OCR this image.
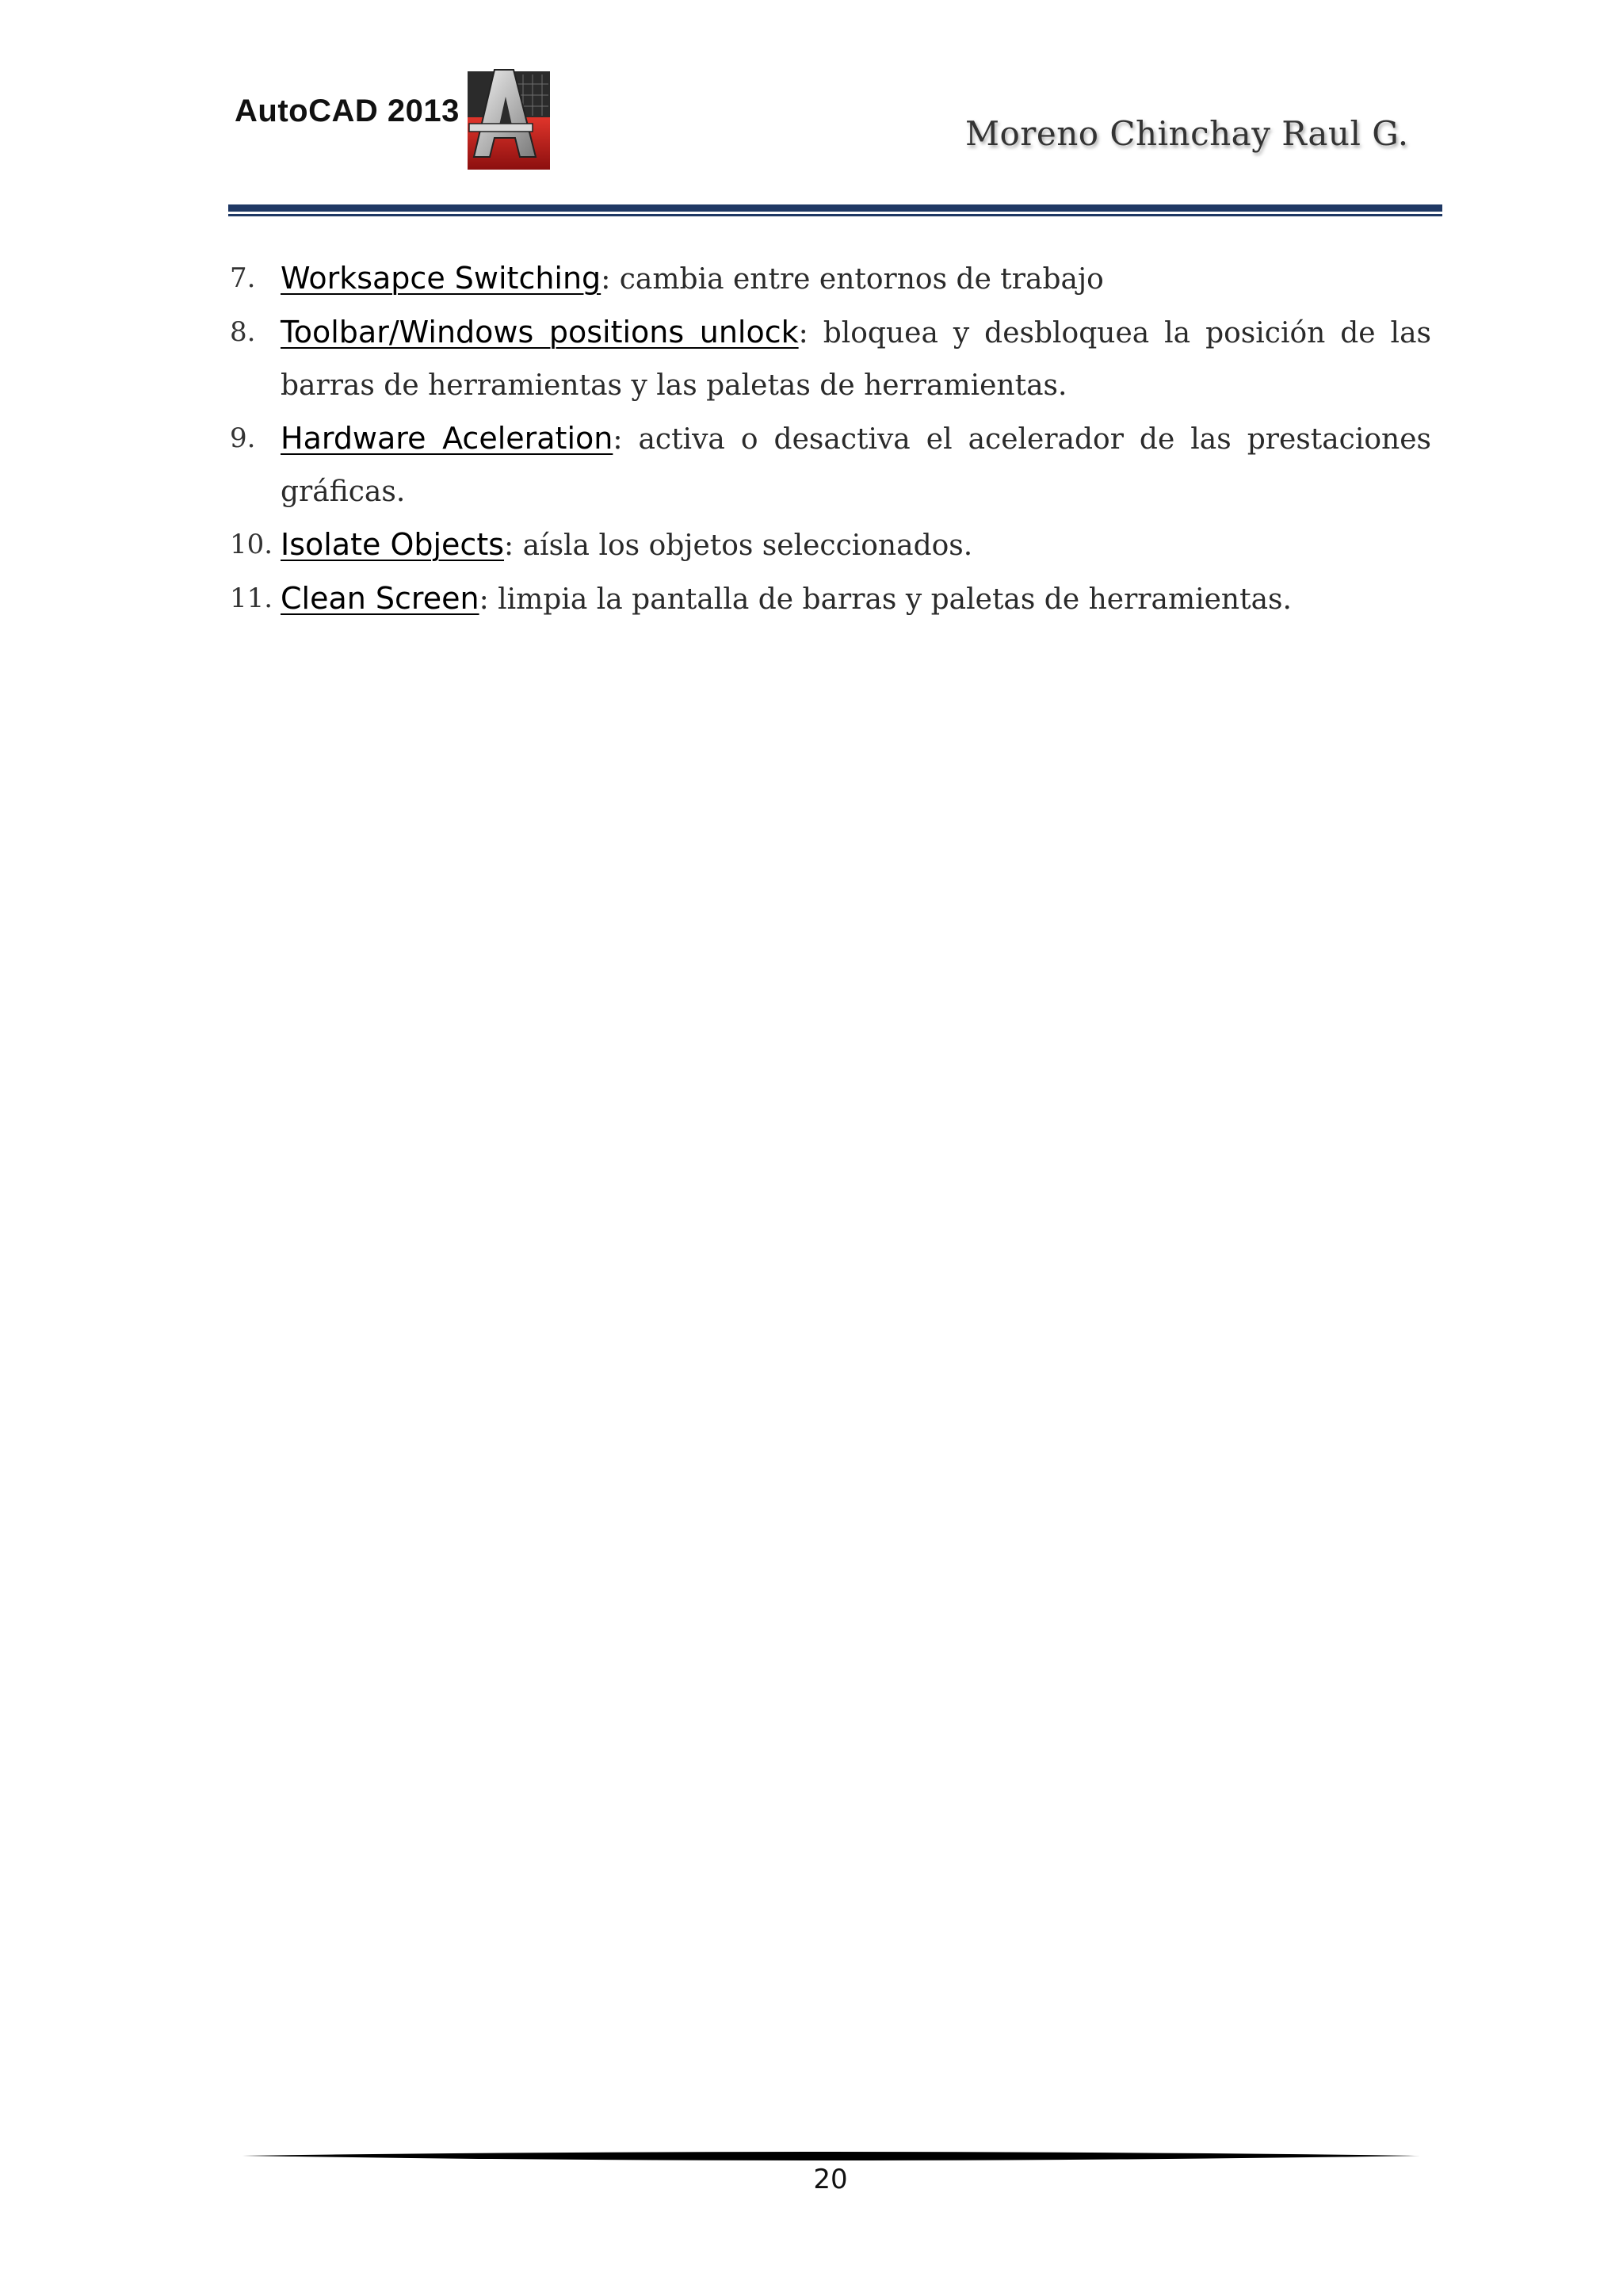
AutoCAD 2013
Moreno Chinchay Raul G.
7. Worksapce Switching: cambia entre entornos de trabajo
8. Toolbar/Windows positions unlock: bloquea y desbloquea la posición de las barras de herramientas y las paletas de herramientas.
9. Hardware Aceleration: activa o desactiva el acelerador de las prestaciones gráficas.
10. Isolate Objects: aísla los objetos seleccionados.
11. Clean Screen: limpia la pantalla de barras y paletas de herramientas.
20
